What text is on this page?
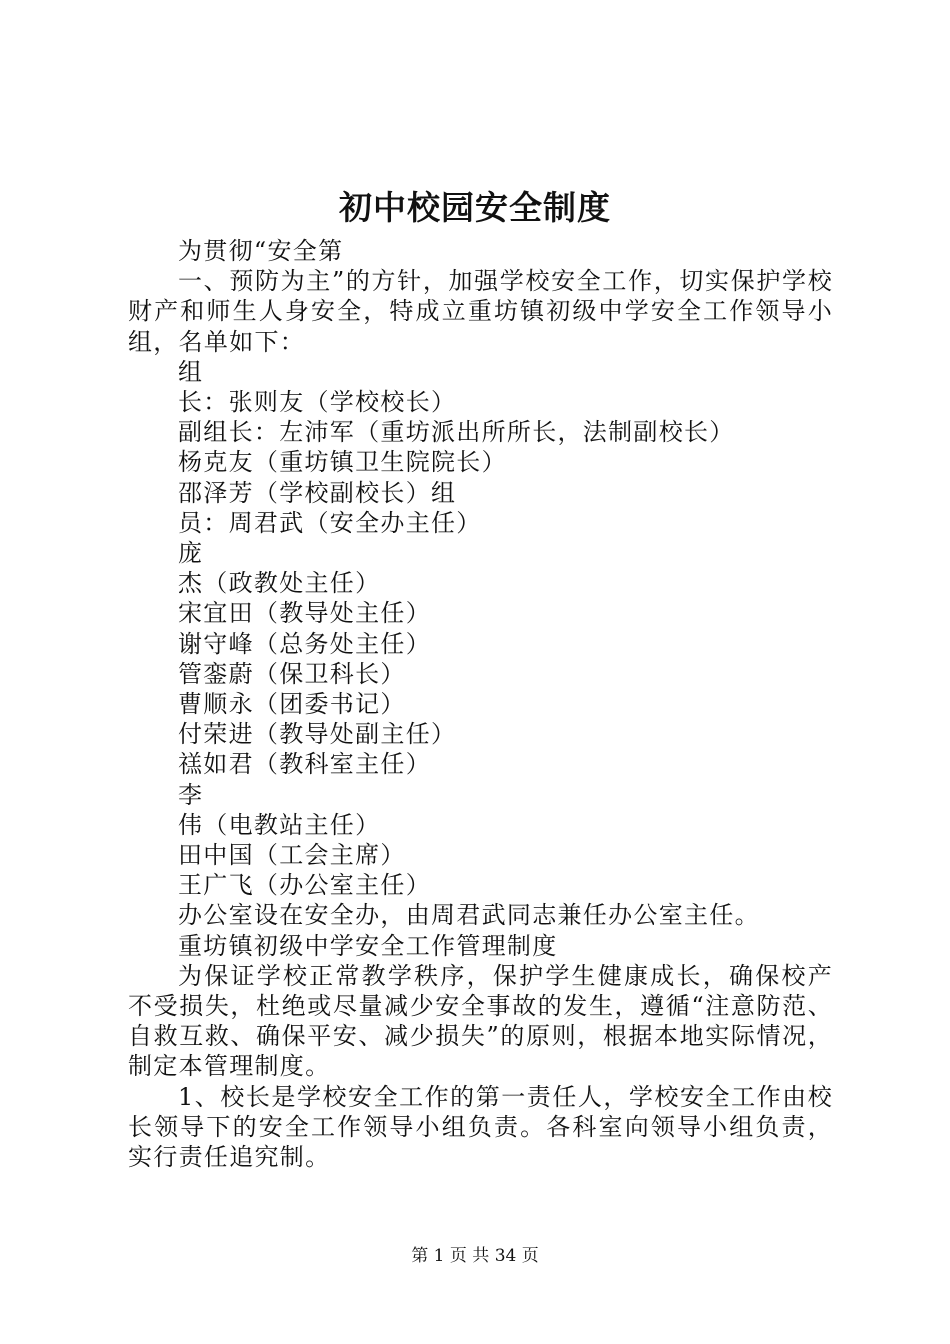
初中校园安全制度

为贯彻“安全第

一、预防为主”的方针，加强学校安全工作，切实保护学校财产和师生人身安全，特成立重坊镇初级中学安全工作领导小组，名单如下：

组

长：张则友（学校校长）

副组长：左沛军（重坊派出所所长，法制副校长）

杨克友（重坊镇卫生院院长）

邵泽芳（学校副校长）组

员：周君武（安全办主任）

庞

杰（政教处主任）

宋宜田（教导处主任）

谢守峰（总务处主任）

管銮蔚（保卫科长）

曹顺永（团委书记）

付荣进（教导处副主任）

禚如君（教科室主任）

李

伟（电教站主任）

田中国（工会主席）

王广飞（办公室主任）

办公室设在安全办，由周君武同志兼任办公室主任。

重坊镇初级中学安全工作管理制度

为保证学校正常教学秩序，保护学生健康成长，确保校产不受损失，杜绝或尽量减少安全事故的发生，遵循“注意防范、自救互救、确保平安、减少损失”的原则，根据本地实际情况，制定本管理制度。

1、校长是学校安全工作的第一责任人，学校安全工作由校长领导下的安全工作领导小组负责。各科室向领导小组负责，实行责任追究制。

第 1 页 共 34 页
